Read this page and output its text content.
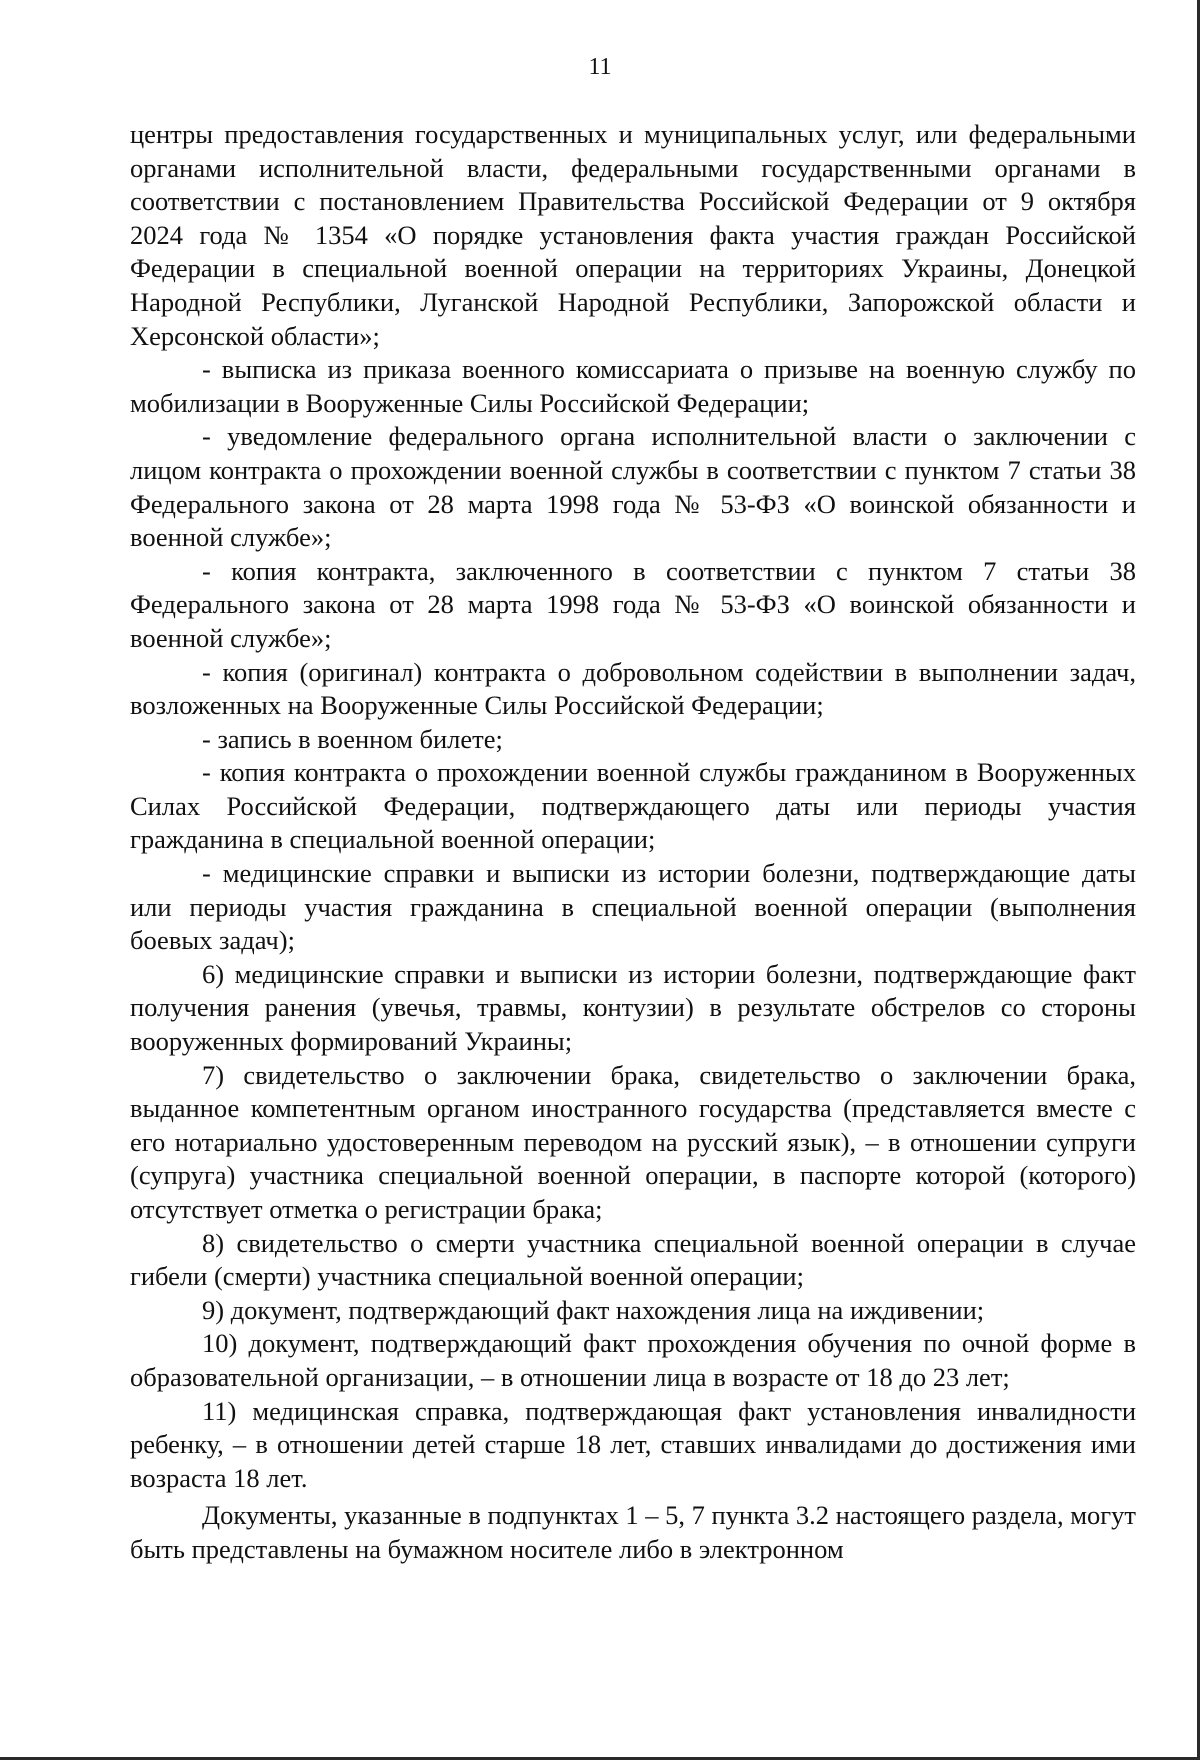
11

центры предоставления государственных и муниципальных услуг, или федеральными органами исполнительной власти, федеральными государственными органами в соответствии с постановлением Правительства Российской Федерации от 9 октября 2024 года № 1354 «О порядке установления факта участия граждан Российской Федерации в специальной военной операции на территориях Украины, Донецкой Народной Республики, Луганской Народной Республики, Запорожской области и Херсонской области»;

- выписка из приказа военного комиссариата о призыве на военную службу по мобилизации в Вооруженные Силы Российской Федерации;

- уведомление федерального органа исполнительной власти о заключении с лицом контракта о прохождении военной службы в соответствии с пунктом 7 статьи 38 Федерального закона от 28 марта 1998 года № 53-ФЗ «О воинской обязанности и военной службе»;

- копия контракта, заключенного в соответствии с пунктом 7 статьи 38 Федерального закона от 28 марта 1998 года № 53-ФЗ «О воинской обязанности и военной службе»;

- копия (оригинал) контракта о добровольном содействии в выполнении задач, возложенных на Вооруженные Силы Российской Федерации;

- запись в военном билете;

- копия контракта о прохождении военной службы гражданином в Вооруженных Силах Российской Федерации, подтверждающего даты или периоды участия гражданина в специальной военной операции;

- медицинские справки и выписки из истории болезни, подтверждающие даты или периоды участия гражданина в специальной военной операции (выполнения боевых задач);

6) медицинские справки и выписки из истории болезни, подтверждающие факт получения ранения (увечья, травмы, контузии) в результате обстрелов со стороны вооруженных формирований Украины;

7) свидетельство о заключении брака, свидетельство о заключении брака, выданное компетентным органом иностранного государства (представляется вместе с его нотариально удостоверенным переводом на русский язык), – в отношении супруги (супруга) участника специальной военной операции, в паспорте которой (которого) отсутствует отметка о регистрации брака;

8) свидетельство о смерти участника специальной военной операции в случае гибели (смерти) участника специальной военной операции;

9) документ, подтверждающий факт нахождения лица на иждивении;

10) документ, подтверждающий факт прохождения обучения по очной форме в образовательной организации, – в отношении лица в возрасте от 18 до 23 лет;

11) медицинская справка, подтверждающая факт установления инвалидности ребенку, – в отношении детей старше 18 лет, ставших инвалидами до достижения ими возраста 18 лет.

Документы, указанные в подпунктах 1 – 5, 7 пункта 3.2 настоящего раздела, могут быть представлены на бумажном носителе либо в электронном
